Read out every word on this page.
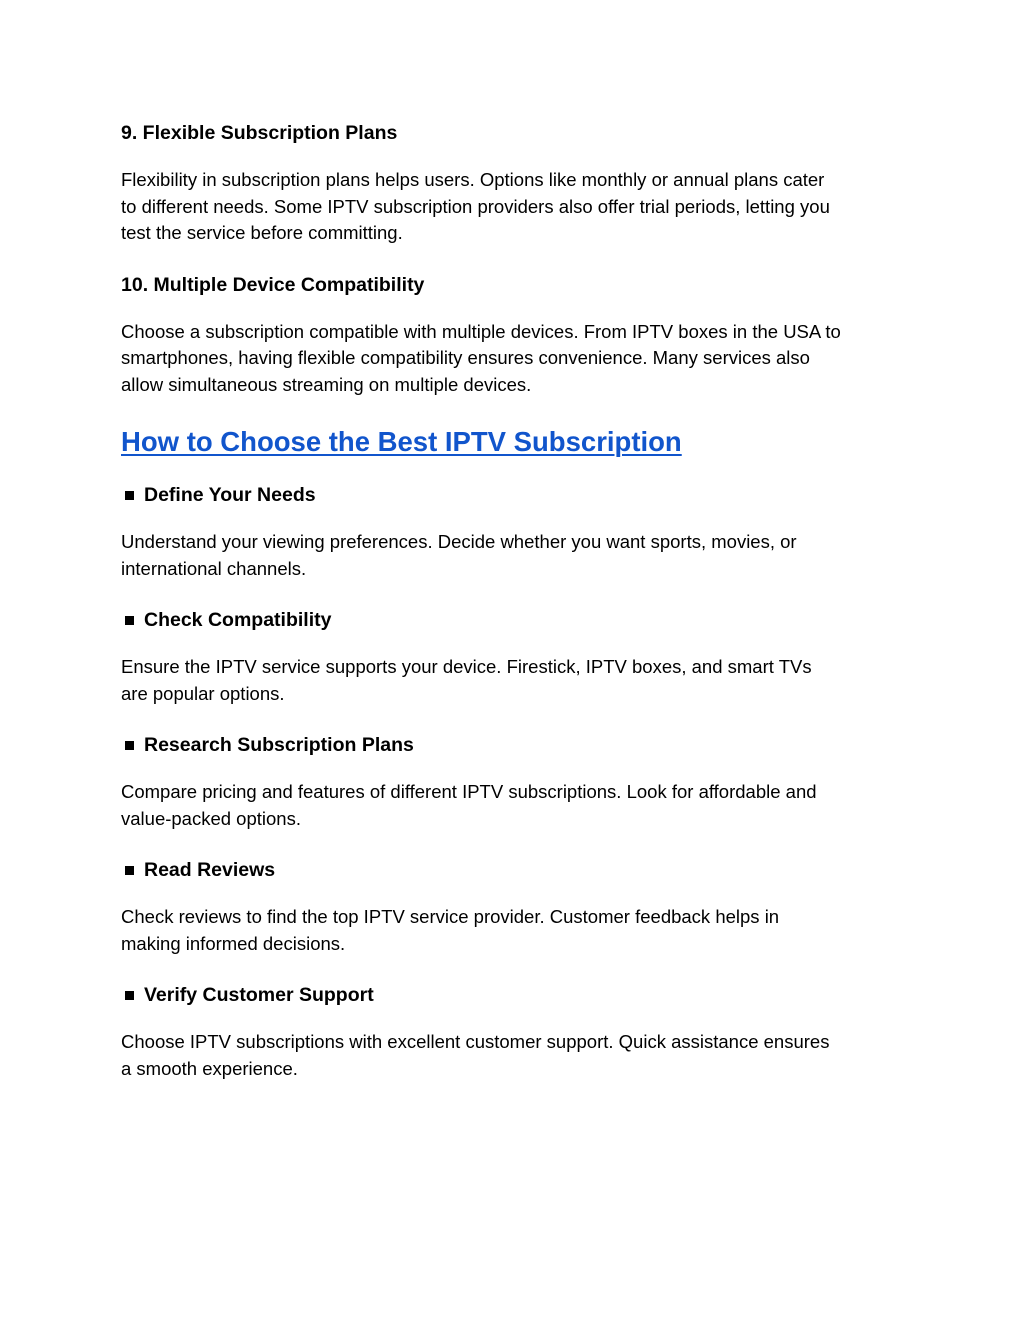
9. Flexible Subscription Plans

Flexibility in subscription plans helps users. Options like monthly or annual plans cater

to different needs. Some IPTV subscription providers also offer trial periods, letting you

test the service before committing.

10. Multiple Device Compatibility

Choose a subscription compatible with multiple devices. From IPTV boxes in the USA to

smartphones, having flexible compatibility ensures convenience. Many services also

allow simultaneous streaming on multiple devices.

How to Choose the Best IPTV Subscription
Define Your Needs

Understand your viewing preferences. Decide whether you want sports, movies, or

international channels.

Check Compatibility

Ensure the IPTV service supports your device. Firestick, IPTV boxes, and smart TVs

are popular options.

Research Subscription Plans

Compare pricing and features of different IPTV subscriptions. Look for affordable and

value-packed options.

Read Reviews

Check reviews to find the top IPTV service provider. Customer feedback helps in

making informed decisions.

Verify Customer Support

Choose IPTV subscriptions with excellent customer support. Quick assistance ensures

a smooth experience.
